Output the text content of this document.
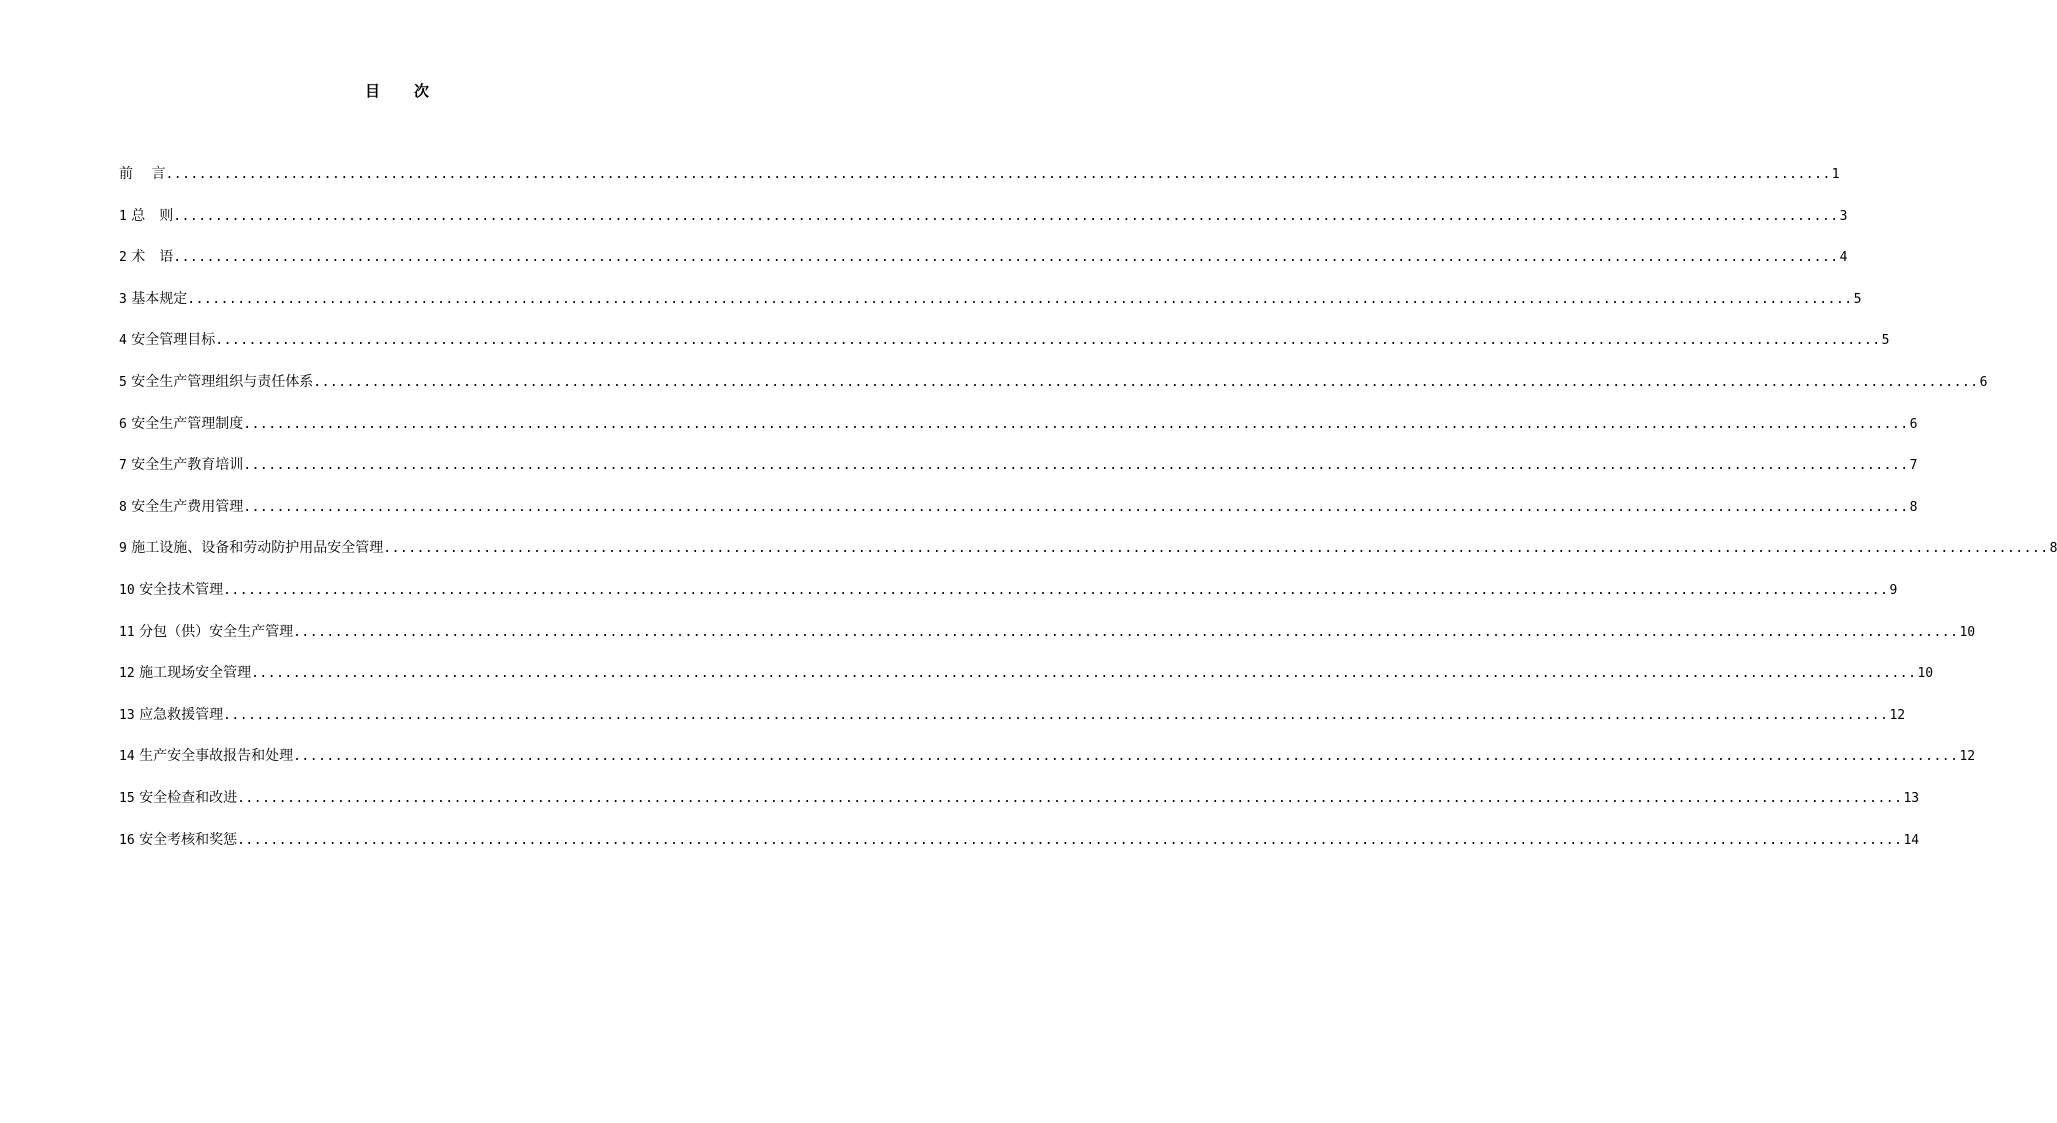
目 次
前　 言 ........................................................................................................................................................................................................ 1
1 总　则 ........................................................................................................................................................................................................ 3
2 术　语 ........................................................................................................................................................................................................ 4
3 基本规定 ........................................................................................................................................................................................................ 5
4 安全管理目标 ........................................................................................................................................................................................................ 5
5 安全生产管理组织与责任体系 ........................................................................................................................................................................................................ 6
6 安全生产管理制度 ........................................................................................................................................................................................................ 6
7 安全生产教育培训 ........................................................................................................................................................................................................ 7
8 安全生产费用管理 ........................................................................................................................................................................................................ 8
9 施工设施、设备和劳动防护用品安全管理 ........................................................................................................................................................................................................ 8
10 安全技术管理 ........................................................................................................................................................................................................ 9
11 分包（供）安全生产管理 ........................................................................................................................................................................................................ 10
12 施工现场安全管理 ........................................................................................................................................................................................................ 10
13 应急救援管理 ........................................................................................................................................................................................................ 12
14 生产安全事故报告和处理 ........................................................................................................................................................................................................ 12
15 安全检查和改进 ........................................................................................................................................................................................................ 13
16 安全考核和奖惩 ........................................................................................................................................................................................................ 14
